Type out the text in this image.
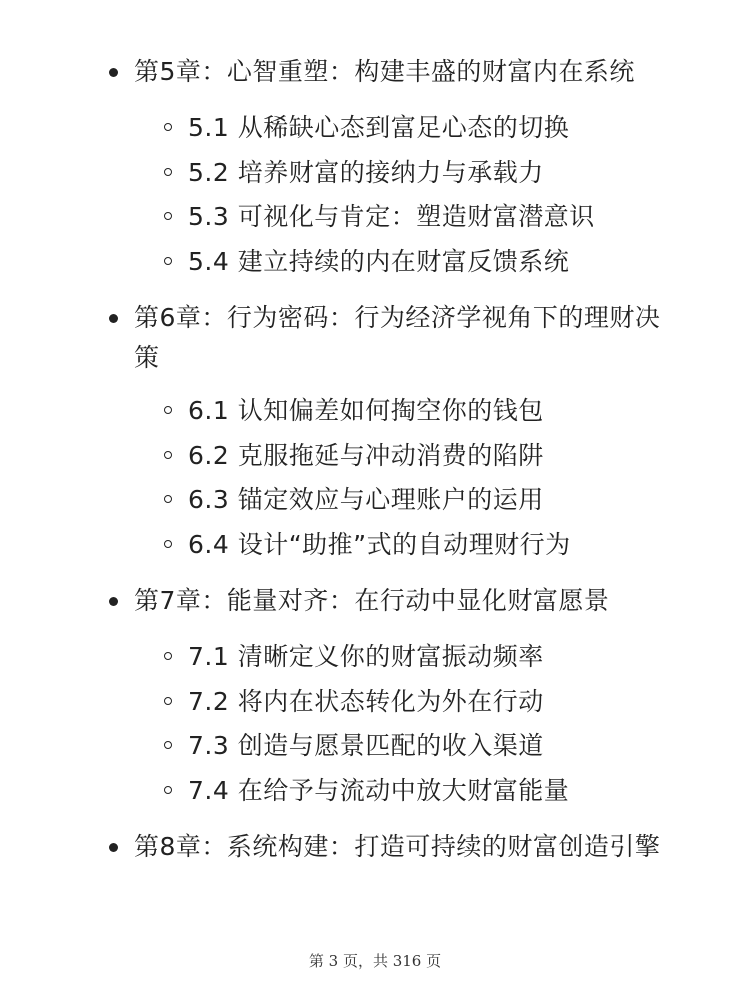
第5章：心智重塑：构建丰盛的财富内在系统
5.1 从稀缺心态到富足心态的切换
5.2 培养财富的接纳力与承载力
5.3 可视化与肯定：塑造财富潜意识
5.4 建立持续的内在财富反馈系统
第6章：行为密码：行为经济学视角下的理财决策
6.1 认知偏差如何掏空你的钱包
6.2 克服拖延与冲动消费的陷阱
6.3 锚定效应与心理账户的运用
6.4 设计“助推”式的自动理财行为
第7章：能量对齐：在行动中显化财富愿景
7.1 清晰定义你的财富振动频率
7.2 将内在状态转化为外在行动
7.3 创造与愿景匹配的收入渠道
7.4 在给予与流动中放大财富能量
第8章：系统构建：打造可持续的财富创造引擎
第 3 页，共 316 页
